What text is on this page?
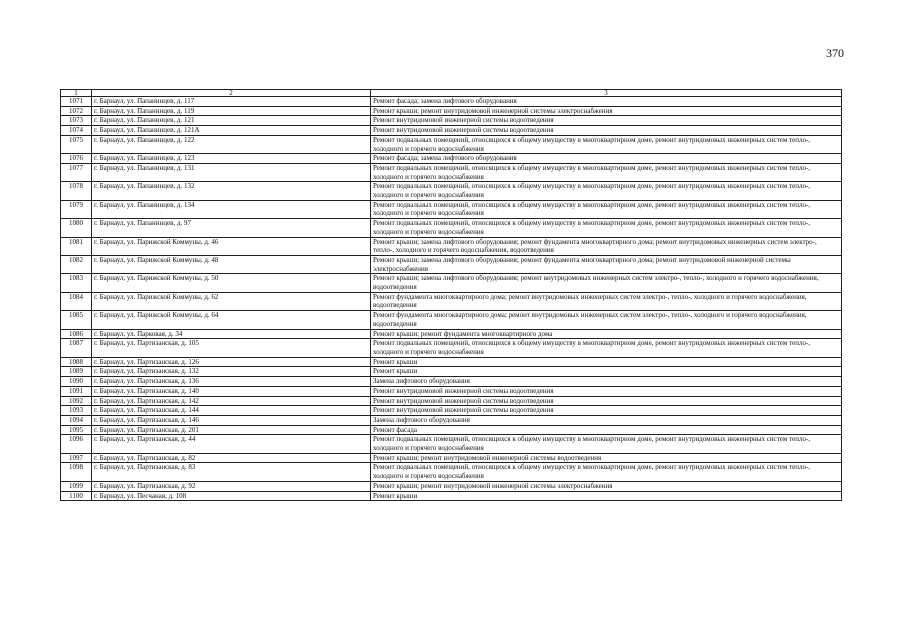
370
1	2	3
1071	г. Барнаул, ул. Папанинцев, д. 117	Ремонт фасада; замена лифтового оборудования
1072	г. Барнаул, ул. Папанинцев, д. 119	Ремонт крыши; ремонт внутридомовой инженерной системы электроснабжения
1073	г. Барнаул, ул. Папанинцев, д. 121	Ремонт внутридомовой инженерной системы водоотведения
1074	г. Барнаул, ул. Папанинцев, д. 121А	Ремонт внутридомовой инженерной системы водоотведения
1075	г. Барнаул, ул. Папанинцев, д. 122	Ремонт подвальных помещений, относящихся к общему имуществу в многоквартирном доме, ремонт внутридомовых инженерных систем тепло-, холодного и горячего водоснабжения
1076	г. Барнаул, ул. Папанинцев, д. 123	Ремонт фасада; замена лифтового оборудования
1077	г. Барнаул, ул. Папанинцев, д. 131	Ремонт подвальных помещений, относящихся к общему имуществу в многоквартирном доме, ремонт внутридомовых инженерных систем тепло-, холодного и горячего водоснабжения
1078	г. Барнаул, ул. Папанинцев, д. 132	Ремонт подвальных помещений, относящихся к общему имуществу в многоквартирном доме, ремонт внутридомовых инженерных систем тепло-, холодного и горячего водоснабжения
1079	г. Барнаул, ул. Папанинцев, д. 134	Ремонт подвальных помещений, относящихся к общему имуществу в многоквартирном доме, ремонт внутридомовых инженерных систем тепло-, холодного и горячего водоснабжения
1080	г. Барнаул, ул. Папанинцев, д. 97	Ремонт подвальных помещений, относящихся к общему имуществу в многоквартирном доме, ремонт внутридомовых инженерных систем тепло-, холодного и горячего водоснабжения
1081	г. Барнаул, ул. Парижской Коммуны, д. 46	Ремонт крыши; замена лифтового оборудования; ремонт фундамента многоквартирного дома; ремонт внутридомовых инженерных систем электро-, тепло-, холодного и горячего водоснабжения, водоотведения
1082	г. Барнаул, ул. Парижской Коммуны, д. 48	Ремонт крыши; замена лифтового оборудования; ремонт фундамента многоквартирного дома; ремонт внутридомовой инженерной системы электроснабжения
1083	г. Барнаул, ул. Парижской Коммуны, д. 50	Ремонт крыши; замена лифтового оборудования; ремонт внутридомовых инженерных систем электро-, тепло-, холодного и горячего водоснабжения, водоотведения
1084	г. Барнаул, ул. Парижской Коммуны, д. 62	Ремонт фундамента многоквартирного дома; ремонт внутридомовых инженерных систем электро-, тепло-, холодного и горячего водоснабжения, водоотведения
1085	г. Барнаул, ул. Парижской Коммуны, д. 64	Ремонт фундамента многоквартирного дома; ремонт внутридомовых инженерных систем электро-, тепло-, холодного и горячего водоснабжения, водоотведения
1086	г. Барнаул, ул. Парковая, д. 34	Ремонт крыши; ремонт фундамента многоквартирного дома
1087	г. Барнаул, ул. Партизанская, д. 105	Ремонт подвальных помещений, относящихся к общему имуществу в многоквартирном доме, ремонт внутридомовых инженерных систем тепло-, холодного и горячего водоснабжения
1088	г. Барнаул, ул. Партизанская, д. 126	Ремонт крыши
1089	г. Барнаул, ул. Партизанская, д. 132	Ремонт крыши
1090	г. Барнаул, ул. Партизанская, д. 136	Замена лифтового оборудования
1091	г. Барнаул, ул. Партизанская, д. 140	Ремонт внутридомовой инженерной системы водоотведения
1092	г. Барнаул, ул. Партизанская, д. 142	Ремонт внутридомовой инженерной системы водоотведения
1093	г. Барнаул, ул. Партизанская, д. 144	Ремонт внутридомовой инженерной системы водоотведения
1094	г. Барнаул, ул. Партизанская, д. 146	Замена лифтового оборудования
1095	г. Барнаул, ул. Партизанская, д. 201	Ремонт фасада
1096	г. Барнаул, ул. Партизанская, д. 44	Ремонт подвальных помещений, относящихся к общему имуществу в многоквартирном доме, ремонт внутридомовых инженерных систем тепло-, холодного и горячего водоснабжения
1097	г. Барнаул, ул. Партизанская, д. 82	Ремонт крыши; ремонт внутридомовой инженерной системы водоотведения
1098	г. Барнаул, ул. Партизанская, д. 83	Ремонт подвальных помещений, относящихся к общему имуществу в многоквартирном доме, ремонт внутридомовых инженерных систем тепло-, холодного и горячего водоснабжения
1099	г. Барнаул, ул. Партизанская, д. 92	Ремонт крыши; ремонт внутридомовой инженерной системы электроснабжения
1100	г. Барнаул, ул. Песчаная, д. 108	Ремонт крыши
